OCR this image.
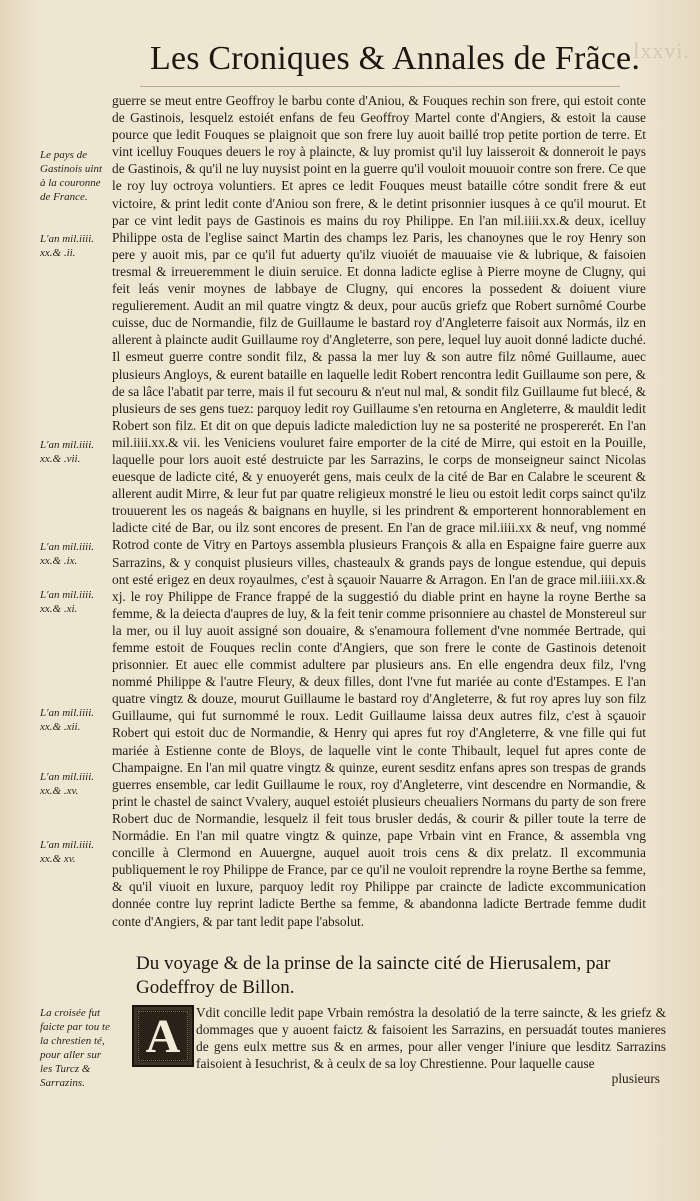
lxxvi.
Les Croniques & Annales de Frãce.
Le pays de Gastinois uint à la couronne de France.
L'an mil.iiii. xx.& .ii.
L'an mil.iiii. xx.& .vii.
L'an mil.iiii. xx.& .ix.
L'an mil.iiii. xx.& .xi.
L'an mil.iiii. xx.& .xii.
L'an mil.iiii. xx.& .xv.
L'an mil.iiii. xx.& xv.
La croisée fut faicte par tou te la chrestien té, pour aller sur les Turcz & Sarrazins.

guerre se meut entre Geoffroy le barbu conte d'Aniou, & Fouques rechin son frere, qui estoit conte de Gastinois, lesquelz estoiét enfans de feu Geoffroy Martel conte d'Angiers, & estoit la cause pource que ledit Fouques se plaignoit que son frere luy auoit baillé trop petite portion de terre. Et vint icelluy Fouques deuers le roy à plaincte, & luy promist qu'il luy laisseroit & donneroit le pays de Gastinois, & qu'il ne luy nuysist point en la guerre qu'il vouloit mouuoir contre son frere. Ce que le roy luy octroya voluntiers. Et apres ce ledit Fouques meust bataille cótre sondit frere & eut victoire, & print ledit conte d'Aniou son frere, & le detint prisonnier iusques à ce qu'il mourut. Et par ce vint ledit pays de Gastinois es mains du roy Philippe. En l'an mil.iiii.xx.& deux, icelluy Philippe osta de l'eglise sainct Martin des champs lez Paris, les chanoynes que le roy Henry son pere y auoit mis, par ce qu'il fut aduerty qu'ilz viuoiét de mauuaise vie & lubrique, & faisoien tresmal & irreueremment le diuin seruice. Et donna ladicte eglise à Pierre moyne de Clugny, qui feit leás venir moynes de labbaye de Clugny, qui encores la possedent & doiuent viure regulierement. Audit an mil quatre vingtz & deux, pour aucūs griefz que Robert surnômé Courbe cuisse, duc de Normandie, filz de Guillaume le bastard roy d'Angleterre faisoit aux Normás, ilz en allerent à plaincte audit Guillaume roy d'Angleterre, son pere, lequel luy auoit donné ladicte duché. Il esmeut guerre contre sondit filz, & passa la mer luy & son autre filz nômé Guillaume, auec plusieurs Angloys, & eurent bataille en laquelle ledit Robert rencontra ledit Guillaume son pere, & de sa lâce l'abatit par terre, mais il fut secouru & n'eut nul mal, & sondit filz Guillaume fut blecé, & plusieurs de ses gens tuez: parquoy ledit roy Guillaume s'en retourna en Angleterre, & mauldit ledit Robert son filz. Et dit on que depuis ladicte malediction luy ne sa posterité ne prospererét. En l'an mil.iiii.xx.& vii. les Veniciens vouluret faire emporter de la cité de Mirre, qui estoit en la Pouille, laquelle pour lors auoit esté destruicte par les Sarrazins, le corps de monseigneur sainct Nicolas euesque de ladicte cité, & y enuoyerét gens, mais ceulx de la cité de Bar en Calabre le sceurent & allerent audit Mirre, & leur fut par quatre religieux monstré le lieu ou estoit ledit corps sainct qu'ilz trouuerent les os nageás & baignans en huylle, si les prindrent & emporterent honnorablement en ladicte cité de Bar, ou ilz sont encores de present. En l'an de grace mil.iiii.xx & neuf, vng nommé Rotrod conte de Vitry en Partoys assembla plusieurs François & alla en Espaigne faire guerre aux Sarrazins, & y conquist plusieurs villes, chasteaulx & grands pays de longue estendue, qui depuis ont esté erigez en deux royaulmes, c'est à sçauoir Nauarre & Arragon. En l'an de grace mil.iiii.xx.& xj. le roy Philippe de France frappé de la suggestió du diable print en hayne la royne Berthe sa femme, & la deiecta d'aupres de luy, & la feit tenir comme prisonniere au chastel de Monstereul sur la mer, ou il luy auoit assigné son douaire, & s'enamoura follement d'vne nommée Bertrade, qui femme estoit de Fouques reclin conte d'Angiers, que son frere le conte de Gastinois detenoit prisonnier. Et auec elle commist adultere par plusieurs ans. En elle engendra deux filz, l'vng nommé Philippe & l'autre Fleury, & deux filles, dont l'vne fut mariée au conte d'Estampes. E l'an quatre vingtz & douze, mourut Guillaume le bastard roy d'Angleterre, & fut roy apres luy son filz Guillaume, qui fut surnommé le roux. Ledit Guillaume laissa deux autres filz, c'est à sçauoir Robert qui estoit duc de Normandie, & Henry qui apres fut roy d'Angleterre, & vne fille qui fut mariée à Estienne conte de Bloys, de laquelle vint le conte Thibault, lequel fut apres conte de Champaigne. En l'an mil quatre vingtz & quinze, eurent sesditz enfans apres son trespas de grands guerres ensemble, car ledit Guillaume le roux, roy d'Angleterre, vint descendre en Normandie, & print le chastel de sainct Vvalery, auquel estoiét plusieurs cheualiers Normans du party de son frere Robert duc de Normandie, lesquelz il feit tous brusler dedás, & courir & piller toute la terre de Normádie. En l'an mil quatre vingtz & quinze, pape Vrbain vint en France, & assembla vng concille à Clermond en Auuergne, auquel auoit trois cens & dix prelatz. Il excommunia publiquement le roy Philippe de France, par ce qu'il ne vouloit reprendre la royne Berthe sa femme, & qu'il viuoit en luxure, parquoy ledit roy Philippe par craincte de ladicte excommunication donnée contre luy reprint ladicte Berthe sa femme, & abandonna ladicte Bertrade femme dudit conte d'Angiers, & par tant ledit pape l'absolut.

Du voyage & de la prinse de la saincte cité de Hierusalem, par Godeffroy de Billon.
A	Vdit concille ledit pape Vrbain remóstra la desolatió de la terre saincte, & les griefz & dommages que y auoent faictz & faisoient les Sarrazins, en persuadát toutes manieres de gens eulx mettre sus & en armes, pour aller venger l'iniure que lesditz Sarrazins faisoient à Iesuchrist, & à ceulx de sa loy Chrestienne. Pour laquelle cause
plusieurs
